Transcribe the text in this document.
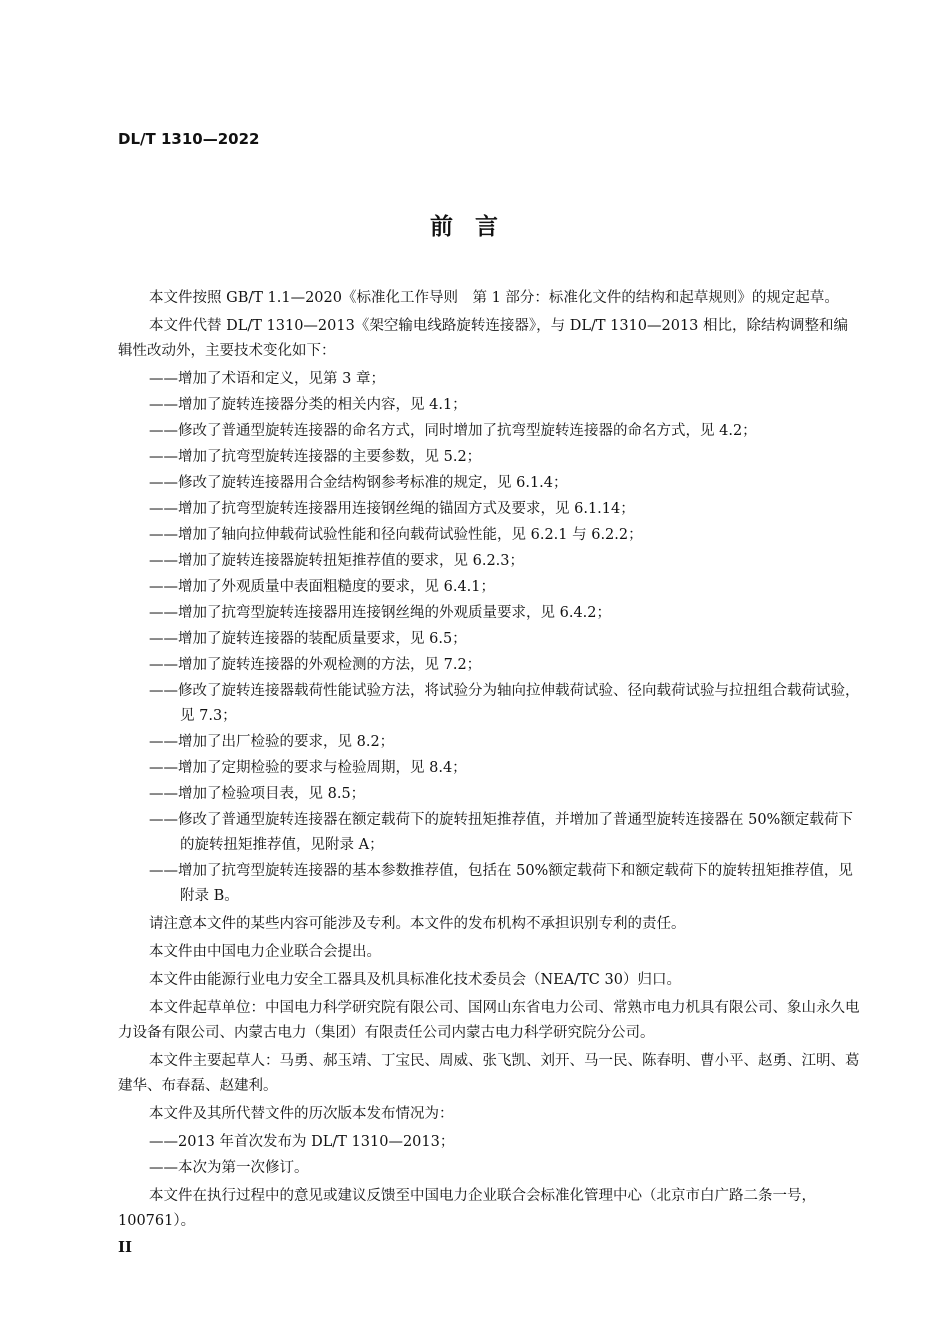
DL/T 1310—2022
前言

本文件按照 GB/T 1.1—2020《标准化工作导则　第 1 部分：标准化文件的结构和起草规则》的规定起草。

本文件代替 DL/T 1310—2013《架空输电线路旋转连接器》，与 DL/T 1310—2013 相比，除结构调整和编辑性改动外，主要技术变化如下：

——增加了术语和定义，见第 3 章；
——增加了旋转连接器分类的相关内容，见 4.1；
——修改了普通型旋转连接器的命名方式，同时增加了抗弯型旋转连接器的命名方式，见 4.2；
——增加了抗弯型旋转连接器的主要参数，见 5.2；
——修改了旋转连接器用合金结构钢参考标准的规定，见 6.1.4；
——增加了抗弯型旋转连接器用连接钢丝绳的锚固方式及要求，见 6.1.14；
——增加了轴向拉伸载荷试验性能和径向载荷试验性能，见 6.2.1 与 6.2.2；
——增加了旋转连接器旋转扭矩推荐值的要求，见 6.2.3；
——增加了外观质量中表面粗糙度的要求，见 6.4.1；
——增加了抗弯型旋转连接器用连接钢丝绳的外观质量要求，见 6.4.2；
——增加了旋转连接器的装配质量要求，见 6.5；
——增加了旋转连接器的外观检测的方法，见 7.2；
——修改了旋转连接器载荷性能试验方法，将试验分为轴向拉伸载荷试验、径向载荷试验与拉扭组合载荷试验，见 7.3；
——增加了出厂检验的要求，见 8.2；
——增加了定期检验的要求与检验周期，见 8.4；
——增加了检验项目表，见 8.5；
——修改了普通型旋转连接器在额定载荷下的旋转扭矩推荐值，并增加了普通型旋转连接器在 50%额定载荷下的旋转扭矩推荐值，见附录 A；
——增加了抗弯型旋转连接器的基本参数推荐值，包括在 50%额定载荷下和额定载荷下的旋转扭矩推荐值，见附录 B。

请注意本文件的某些内容可能涉及专利。本文件的发布机构不承担识别专利的责任。

本文件由中国电力企业联合会提出。

本文件由能源行业电力安全工器具及机具标准化技术委员会（NEA/TC 30）归口。

本文件起草单位：中国电力科学研究院有限公司、国网山东省电力公司、常熟市电力机具有限公司、象山永久电力设备有限公司、内蒙古电力（集团）有限责任公司内蒙古电力科学研究院分公司。

本文件主要起草人：马勇、郝玉靖、丁宝民、周威、张飞凯、刘开、马一民、陈春明、曹小平、赵勇、江明、葛建华、布春磊、赵建利。

本文件及其所代替文件的历次版本发布情况为：

——2013 年首次发布为 DL/T 1310—2013；
——本次为第一次修订。

本文件在执行过程中的意见或建议反馈至中国电力企业联合会标准化管理中心（北京市白广路二条一号，100761）。

II
